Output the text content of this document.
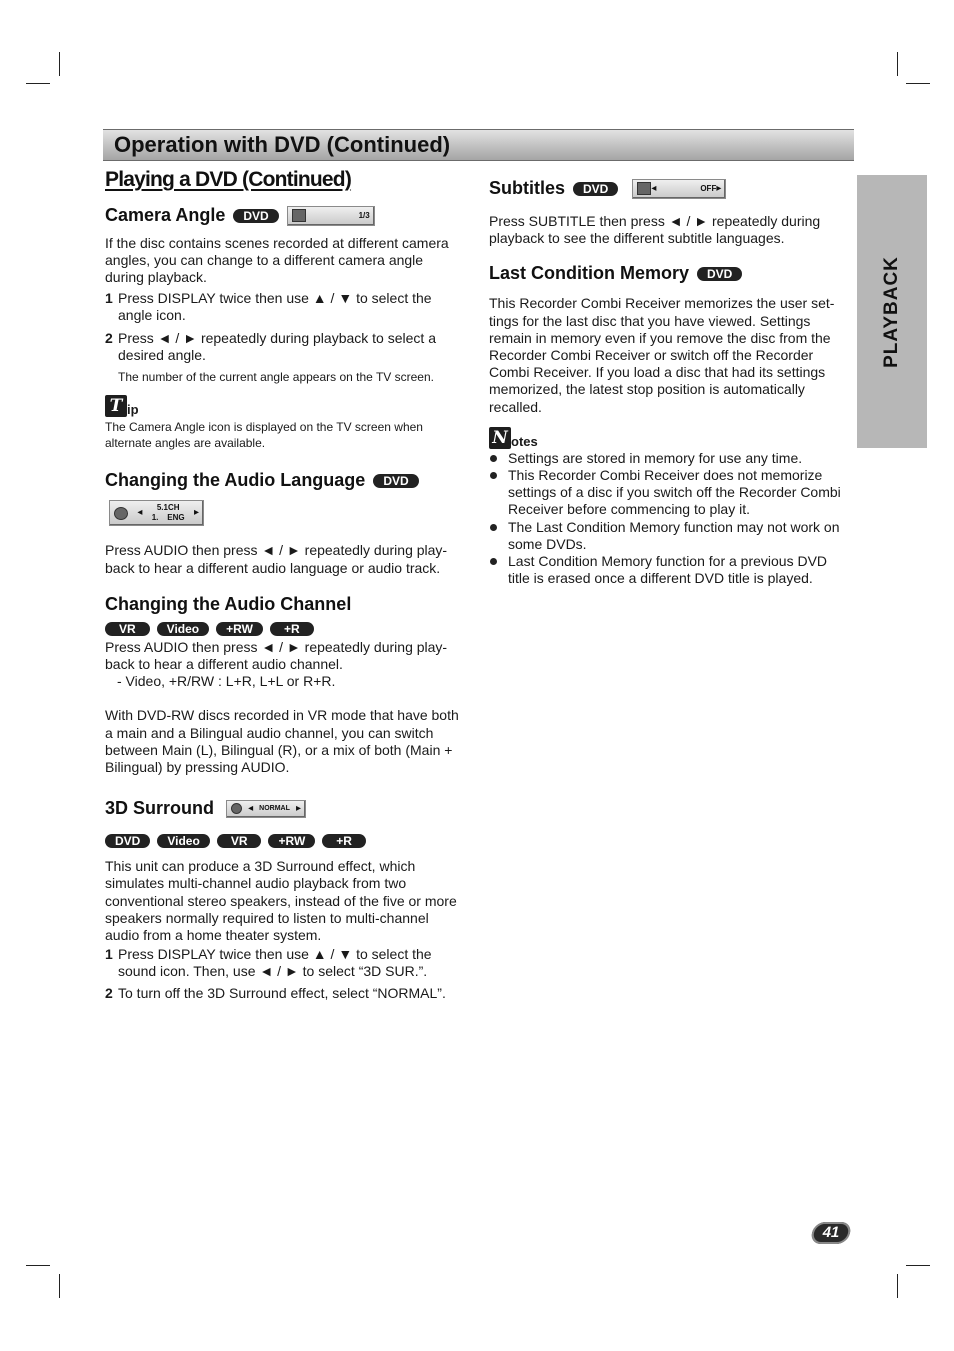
Operation with DVD (Continued)
PLAYBACK
Playing a DVD (Continued)
Camera Angle	DVD	1/3

If the disc contains scenes recorded at different camera angles, you can change to a different camera angle during playback.

1 Press DISPLAY twice then use ▲ / ▼ to select the angle icon.
2 Press ◄ / ► repeatedly during playback to select a desired angle.

The number of the current angle appears on the TV screen.

T ip

The Camera Angle icon is displayed on the TV screen when alternate angles are available.

Changing the Audio Language	DVD
◂ 5.1CH
1. ENG ▸

Press AUDIO then press ◄ / ► repeatedly during play-back to hear a different audio language or audio track.

Changing the Audio Channel
VR	Video	+RW	+R

Press AUDIO then press ◄ / ► repeatedly during play-back to hear a different audio channel.

- Video, +R/RW : L+R, L+L or R+R.

With DVD-RW discs recorded in VR mode that have both a main and a Bilingual audio channel, you can switch between Main (L), Bilingual (R), or a mix of both (Main + Bilingual) by pressing AUDIO.

3D Surround	◂ NORMAL ▸
DVD	Video	VR	+RW	+R

This unit can produce a 3D Surround effect, which simulates multi-channel audio playback from two conventional stereo speakers, instead of the five or more speakers normally required to listen to multi-channel audio from a home theater system.

1 Press DISPLAY twice then use ▲ / ▼ to select the sound icon. Then, use ◄ / ► to select “3D SUR.”.
2 To turn off the 3D Surround effect, select “NORMAL”.
Subtitles	DVD	◂	OFF ▸

Press SUBTITLE then press ◄ / ► repeatedly during playback to see the different subtitle languages.

Last Condition Memory	DVD

This Recorder Combi Receiver memorizes the user set-tings for the last disc that you have viewed. Settings remain in memory even if you remove the disc from the Recorder Combi Receiver or switch off the Recorder Combi Receiver. If you load a disc that had its settings memorized, the latest stop position is automatically recalled.

N otes
Settings are stored in memory for use any time.
This Recorder Combi Receiver does not memorize settings of a disc if you switch off the Recorder Combi Receiver before commencing to play it.
The Last Condition Memory function may not work on some DVDs.
Last Condition Memory function for a previous DVD title is erased once a different DVD title is played.
41
